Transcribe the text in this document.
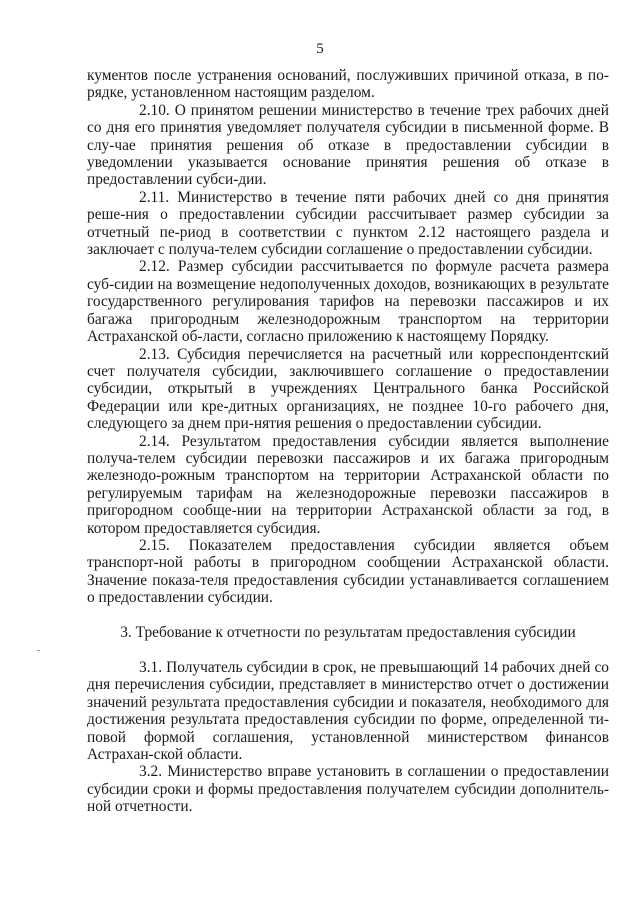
5

кументов после устранения оснований, послуживших причиной отказа, в по-рядке, установленном настоящим разделом.

2.10. О принятом решении министерство в течение трех рабочих дней со дня его принятия уведомляет получателя субсидии в письменной форме. В слу-чае принятия решения об отказе в предоставлении субсидии в уведомлении указывается основание принятия решения об отказе в предоставлении субси-дии.

2.11. Министерство в течение пяти рабочих дней со дня принятия реше-ния о предоставлении субсидии рассчитывает размер субсидии за отчетный пе-риод в соответствии с пунктом 2.12 настоящего раздела и заключает с получа-телем субсидии соглашение о предоставлении субсидии.

2.12. Размер субсидии рассчитывается по формуле расчета размера суб-сидии на возмещение недополученных доходов, возникающих в результате государственного регулирования тарифов на перевозки пассажиров и их багажа пригородным железнодорожным транспортом на территории Астраханской об-ласти, согласно приложению к настоящему Порядку.

2.13. Субсидия перечисляется на расчетный или корреспондентский счет получателя субсидии, заключившего соглашение о предоставлении субсидии, открытый в учреждениях Центрального банка Российской Федерации или кре-дитных организациях, не позднее 10-го рабочего дня, следующего за днем при-нятия решения о предоставлении субсидии.

2.14. Результатом предоставления субсидии является выполнение получа-телем субсидии перевозки пассажиров и их багажа пригородным железнодо-рожным транспортом на территории Астраханской области по регулируемым тарифам на железнодорожные перевозки пассажиров в пригородном сообще-нии на территории Астраханской области за год, в котором предоставляется субсидия.

2.15. Показателем предоставления субсидии является объем транспорт-ной работы в пригородном сообщении Астраханской области. Значение показа-теля предоставления субсидии устанавливается соглашением о предоставлении субсидии.

3. Требование к отчетности по результатам предоставления субсидии

3.1. Получатель субсидии в срок, не превышающий 14 рабочих дней со дня перечисления субсидии, представляет в министерство отчет о достижении значений результата предоставления субсидии и показателя, необходимого для достижения результата предоставления субсидии по форме, определенной ти-повой формой соглашения, установленной министерством финансов Астрахан-ской области.

3.2. Министерство вправе установить в соглашении о предоставлении субсидии сроки и формы предоставления получателем субсидии дополнитель-ной отчетности.
